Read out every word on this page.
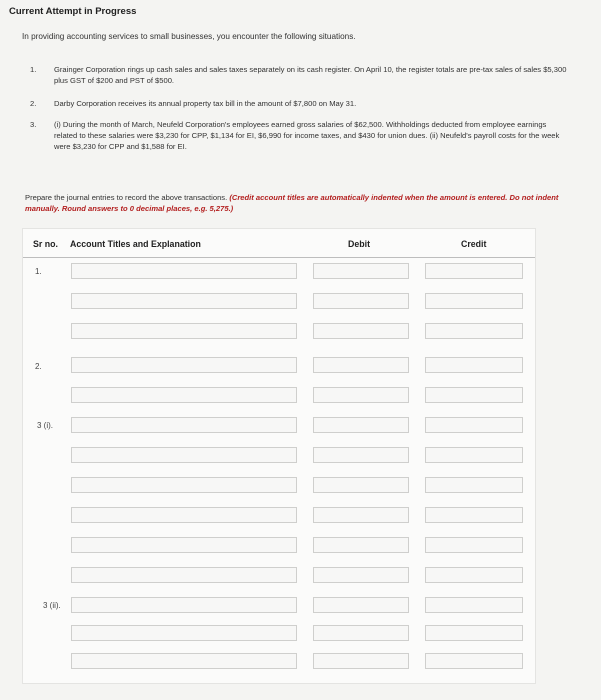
Current Attempt in Progress
In providing accounting services to small businesses, you encounter the following situations.
1. Grainger Corporation rings up cash sales and sales taxes separately on its cash register. On April 10, the register totals are pre-tax sales of sales $5,300 plus GST of $200 and PST of $500.
2. Darby Corporation receives its annual property tax bill in the amount of $7,800 on May 31.
3. (i) During the month of March, Neufeld Corporation's employees earned gross salaries of $62,500. Withholdings deducted from employee earnings related to these salaries were $3,230 for CPP, $1,134 for EI, $6,990 for income taxes, and $430 for union dues. (ii) Neufeld's payroll costs for the week were $3,230 for CPP and $1,588 for EI.
Prepare the journal entries to record the above transactions. (Credit account titles are automatically indented when the amount is entered. Do not indent manually. Round answers to 0 decimal places, e.g. 5,275.)
Sr no. Account Titles and Explanation	Debit	Credit
1.
2.
3 (i).
3 (ii).
